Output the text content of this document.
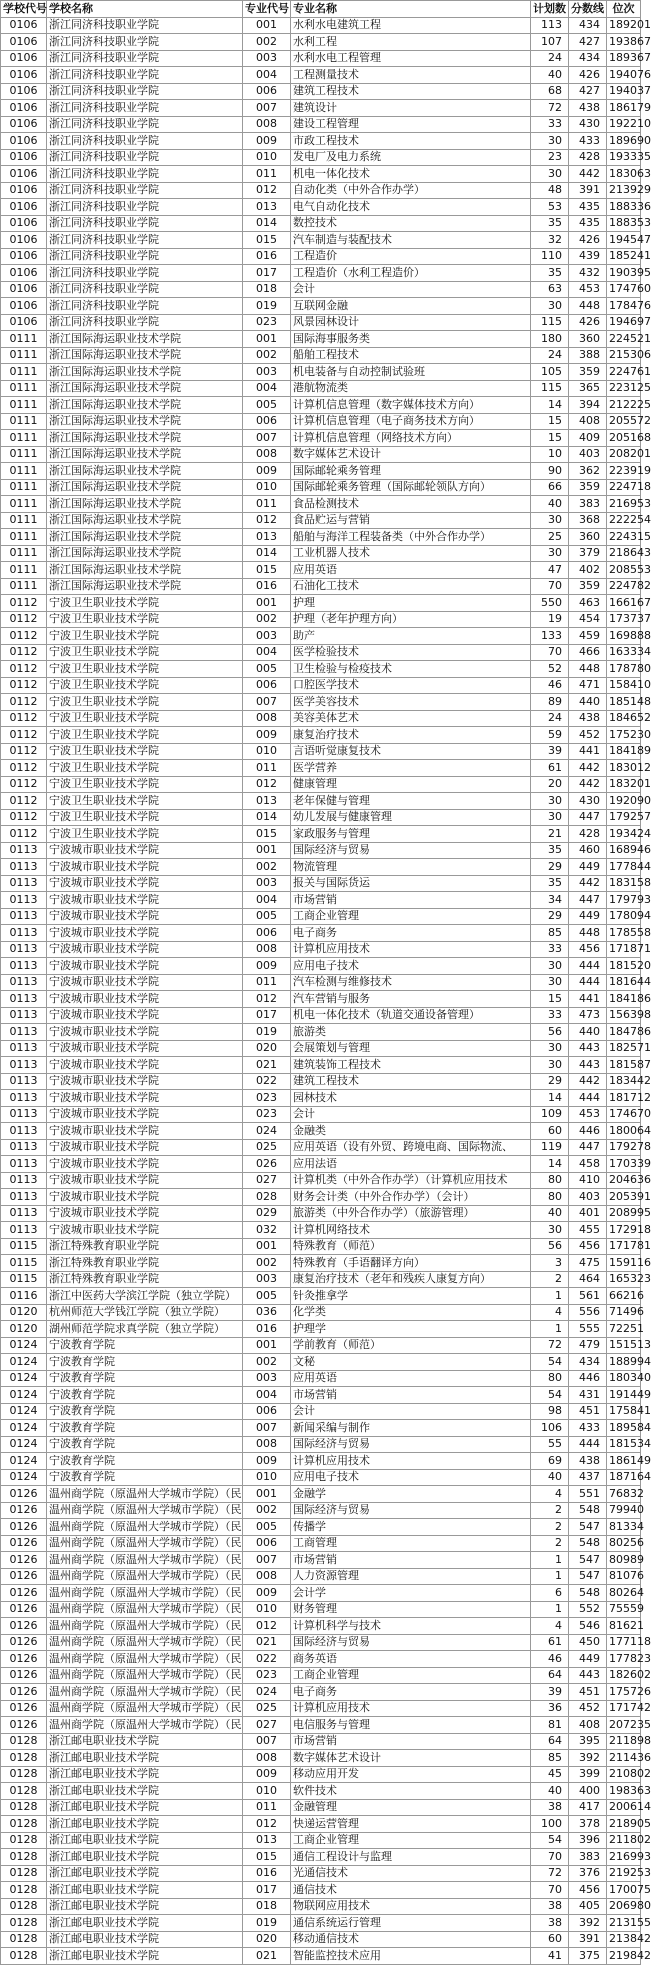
学校代号	学校名称	专业代号	专业名称	计划数	分数线	位次
0106	浙江同济科技职业学院	001	水利水电建筑工程	113	434	189201
0106	浙江同济科技职业学院	002	水利工程	107	427	193867
0106	浙江同济科技职业学院	003	水利水电工程管理	24	434	189367
0106	浙江同济科技职业学院	004	工程测量技术	40	426	194076
0106	浙江同济科技职业学院	006	建筑工程技术	68	427	194037
0106	浙江同济科技职业学院	007	建筑设计	72	438	186179
0106	浙江同济科技职业学院	008	建设工程管理	33	430	192210
0106	浙江同济科技职业学院	009	市政工程技术	30	433	189690
0106	浙江同济科技职业学院	010	发电厂及电力系统	23	428	193335
0106	浙江同济科技职业学院	011	机电一体化技术	30	442	183063
0106	浙江同济科技职业学院	012	自动化类（中外合作办学）	48	391	213929
0106	浙江同济科技职业学院	013	电气自动化技术	53	435	188336
0106	浙江同济科技职业学院	014	数控技术	35	435	188353
0106	浙江同济科技职业学院	015	汽车制造与装配技术	32	426	194547
0106	浙江同济科技职业学院	016	工程造价	110	439	185241
0106	浙江同济科技职业学院	017	工程造价（水利工程造价）	35	432	190395
0106	浙江同济科技职业学院	018	会计	63	453	174760
0106	浙江同济科技职业学院	019	互联网金融	30	448	178476
0106	浙江同济科技职业学院	023	风景园林设计	115	426	194697
0111	浙江国际海运职业技术学院	001	国际海事服务类	180	360	224521
0111	浙江国际海运职业技术学院	002	船舶工程技术	24	388	215306
0111	浙江国际海运职业技术学院	003	机电装备与自动控制试验班	105	359	224761
0111	浙江国际海运职业技术学院	004	港航物流类	115	365	223125
0111	浙江国际海运职业技术学院	005	计算机信息管理（数字媒体技术方向）	14	394	212225
0111	浙江国际海运职业技术学院	006	计算机信息管理（电子商务技术方向）	15	408	205572
0111	浙江国际海运职业技术学院	007	计算机信息管理（网络技术方向）	15	409	205168
0111	浙江国际海运职业技术学院	008	数字媒体艺术设计	10	403	208201
0111	浙江国际海运职业技术学院	009	国际邮轮乘务管理	90	362	223919
0111	浙江国际海运职业技术学院	010	国际邮轮乘务管理（国际邮轮领队方向）	66	359	224718
0111	浙江国际海运职业技术学院	011	食品检测技术	40	383	216953
0111	浙江国际海运职业技术学院	012	食品贮运与营销	30	368	222254
0111	浙江国际海运职业技术学院	013	船舶与海洋工程装备类（中外合作办学）	25	360	224315
0111	浙江国际海运职业技术学院	014	工业机器人技术	30	379	218643
0111	浙江国际海运职业技术学院	015	应用英语	47	402	208553
0111	浙江国际海运职业技术学院	016	石油化工技术	70	359	224782
0112	宁波卫生职业技术学院	001	护理	550	463	166167
0112	宁波卫生职业技术学院	002	护理（老年护理方向）	19	454	173737
0112	宁波卫生职业技术学院	003	助产	133	459	169888
0112	宁波卫生职业技术学院	004	医学检验技术	70	466	163334
0112	宁波卫生职业技术学院	005	卫生检验与检疫技术	52	448	178780
0112	宁波卫生职业技术学院	006	口腔医学技术	46	471	158410
0112	宁波卫生职业技术学院	007	医学美容技术	89	440	185148
0112	宁波卫生职业技术学院	008	美容美体艺术	24	438	184652
0112	宁波卫生职业技术学院	009	康复治疗技术	59	452	175230
0112	宁波卫生职业技术学院	010	言语听觉康复技术	39	441	184189
0112	宁波卫生职业技术学院	011	医学营养	61	442	183012
0112	宁波卫生职业技术学院	012	健康管理	20	442	183201
0112	宁波卫生职业技术学院	013	老年保健与管理	30	430	192090
0112	宁波卫生职业技术学院	014	幼儿发展与健康管理	30	447	179257
0112	宁波卫生职业技术学院	015	家政服务与管理	21	428	193424
0113	宁波城市职业技术学院	001	国际经济与贸易	35	460	168946
0113	宁波城市职业技术学院	002	物流管理	29	449	177844
0113	宁波城市职业技术学院	003	报关与国际货运	35	442	183158
0113	宁波城市职业技术学院	004	市场营销	34	447	179793
0113	宁波城市职业技术学院	005	工商企业管理	29	449	178094
0113	宁波城市职业技术学院	006	电子商务	85	448	178558
0113	宁波城市职业技术学院	008	计算机应用技术	33	456	171871
0113	宁波城市职业技术学院	009	应用电子技术	30	444	181520
0113	宁波城市职业技术学院	011	汽车检测与维修技术	30	444	181644
0113	宁波城市职业技术学院	012	汽车营销与服务	15	441	184186
0113	宁波城市职业技术学院	017	机电一体化技术（轨道交通设备管理）	33	473	156398
0113	宁波城市职业技术学院	019	旅游类	56	440	184786
0113	宁波城市职业技术学院	020	会展策划与管理	30	443	182571
0113	宁波城市职业技术学院	021	建筑装饰工程技术	30	443	181587
0113	宁波城市职业技术学院	022	建筑工程技术	29	442	183442
0113	宁波城市职业技术学院	023	园林技术	14	444	181712
0113	宁波城市职业技术学院	023	会计	109	453	174670
0113	宁波城市职业技术学院	024	金融类	60	446	180064
0113	宁波城市职业技术学院	025	应用英语（设有外贸、跨境电商、国际物流、	119	447	179278
0113	宁波城市职业技术学院	026	应用法语	14	458	170339
0113	宁波城市职业技术学院	027	计算机类（中外合作办学）（计算机应用技术	80	410	204636
0113	宁波城市职业技术学院	028	财务会计类（中外合作办学）（会计）	80	403	205391
0113	宁波城市职业技术学院	029	旅游类（中外合作办学）（旅游管理）	40	401	208995
0113	宁波城市职业技术学院	032	计算机网络技术	30	455	172918
0115	浙江特殊教育职业学院	001	特殊教育（师范）	56	456	171781
0115	浙江特殊教育职业学院	002	特殊教育（手语翻译方向）	3	475	159116
0115	浙江特殊教育职业学院	003	康复治疗技术（老年和残疾人康复方向）	2	464	165323
0116	浙江中医药大学滨江学院（独立学院）	005	针灸推拿学	1	561	66216
0120	杭州师范大学钱江学院（独立学院）	036	化学类	4	556	71496
0120	湖州师范学院求真学院（独立学院）	016	护理学	1	555	72251
0124	宁波教育学院	001	学前教育（师范）	72	479	151513
0124	宁波教育学院	002	文秘	54	434	188994
0124	宁波教育学院	003	应用英语	80	446	180340
0124	宁波教育学院	004	市场营销	54	431	191449
0124	宁波教育学院	006	会计	98	451	175841
0124	宁波教育学院	007	新闻采编与制作	106	433	189584
0124	宁波教育学院	008	国际经济与贸易	55	444	181534
0124	宁波教育学院	009	计算机应用技术	69	438	186149
0124	宁波教育学院	010	应用电子技术	40	437	187164
0126	温州商学院（原温州大学城市学院）（民	001	金融学	4	551	76832
0126	温州商学院（原温州大学城市学院）（民	002	国际经济与贸易	2	548	79940
0126	温州商学院（原温州大学城市学院）（民	005	传播学	2	547	81334
0126	温州商学院（原温州大学城市学院）（民	006	工商管理	2	548	80256
0126	温州商学院（原温州大学城市学院）（民	007	市场营销	1	547	80989
0126	温州商学院（原温州大学城市学院）（民	008	人力资源管理	1	547	81076
0126	温州商学院（原温州大学城市学院）（民	009	会计学	6	548	80264
0126	温州商学院（原温州大学城市学院）（民	010	财务管理	1	552	75559
0126	温州商学院（原温州大学城市学院）（民	012	计算机科学与技术	4	546	81621
0126	温州商学院（原温州大学城市学院）（民	021	国际经济与贸易	61	450	177118
0126	温州商学院（原温州大学城市学院）（民	022	商务英语	46	449	177823
0126	温州商学院（原温州大学城市学院）（民	023	工商企业管理	64	443	182602
0126	温州商学院（原温州大学城市学院）（民	024	电子商务	39	451	175726
0126	温州商学院（原温州大学城市学院）（民	025	计算机应用技术	36	452	171742
0126	温州商学院（原温州大学城市学院）（民	027	电信服务与管理	81	408	207235
0128	浙江邮电职业技术学院	007	市场营销	64	395	211898
0128	浙江邮电职业技术学院	008	数字媒体艺术设计	85	392	211436
0128	浙江邮电职业技术学院	009	移动应用开发	45	399	210802
0128	浙江邮电职业技术学院	010	软件技术	40	400	198363
0128	浙江邮电职业技术学院	011	金融管理	38	417	200614
0128	浙江邮电职业技术学院	012	快递运营管理	100	378	218905
0128	浙江邮电职业技术学院	013	工商企业管理	54	396	211802
0128	浙江邮电职业技术学院	015	通信工程设计与监理	70	383	216993
0128	浙江邮电职业技术学院	016	光通信技术	72	376	219253
0128	浙江邮电职业技术学院	017	通信技术	70	456	170075
0128	浙江邮电职业技术学院	018	物联网应用技术	38	405	206980
0128	浙江邮电职业技术学院	019	通信系统运行管理	38	392	213155
0128	浙江邮电职业技术学院	020	移动通信技术	60	391	213842
0128	浙江邮电职业技术学院	021	智能监控技术应用	41	375	219842
